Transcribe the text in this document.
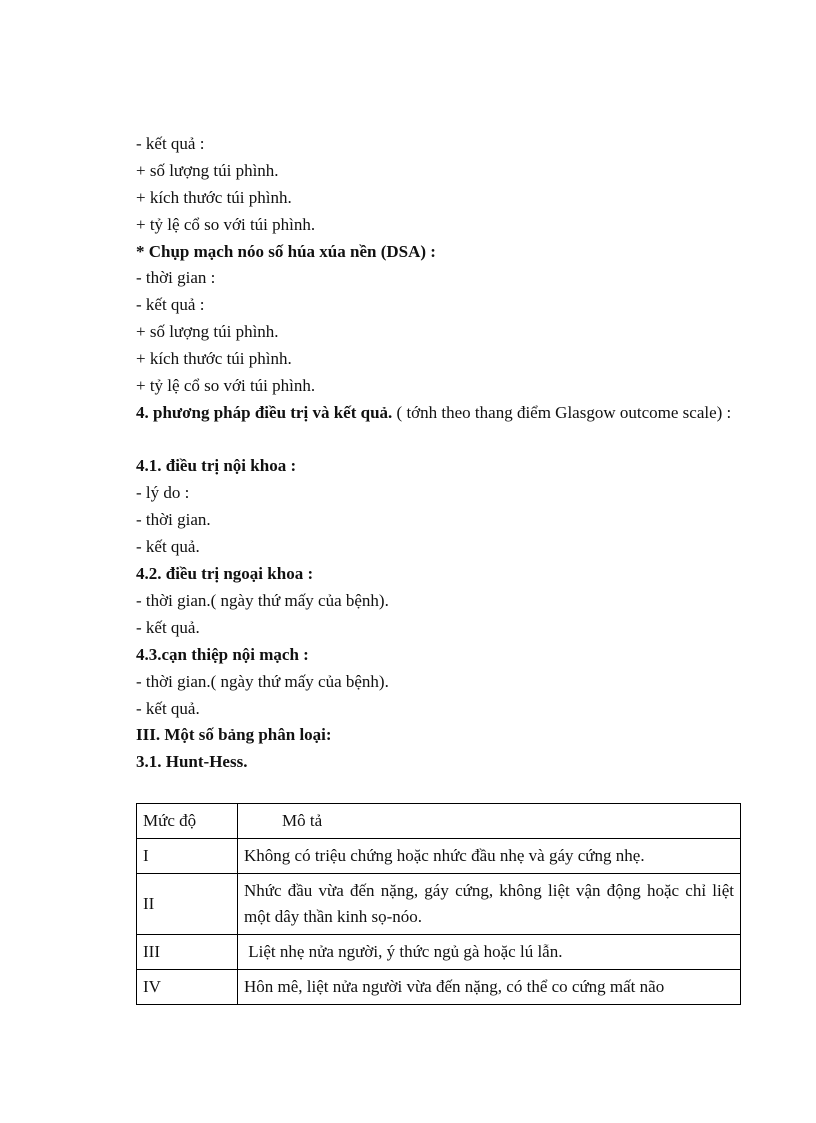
- kết quả :

+ số lượng túi phình.

+ kích thước túi phình.

+ tỷ lệ cổ so với túi phình.

* Chụp mạch nóo số húa xúa nền (DSA) :

- thời gian :

- kết quả :

+ số lượng túi phình.

+ kích thước túi phình.

+ tỷ lệ cổ so với túi phình.

4. phương pháp điều trị và kết quả. ( tớnh theo thang điểm Glasgow outcome scale) :

4.1. điều trị nội khoa :

- lý do :

- thời gian.

- kết quả.

4.2. điều trị ngoại khoa :

- thời gian.( ngày thứ mấy của bệnh).

- kết quả.

4.3.cạn thiệp nội mạch :

- thời gian.( ngày thứ mấy của bệnh).

- kết quả.

III. Một số bảng phân loại:

3.1. Hunt-Hess.

Mức độ	Mô tả
I	Không có triệu chứng hoặc nhức đầu nhẹ và gáy cứng nhẹ.
II	Nhức đầu vừa đến nặng, gáy cứng, không liệt vận động hoặc chỉ liệt một dây thần kinh sọ-nóo.
III	Liệt nhẹ nửa người, ý thức ngủ gà hoặc lú lẫn.
IV	Hôn mê, liệt nửa người vừa đến nặng, có thể co cứng mất não
